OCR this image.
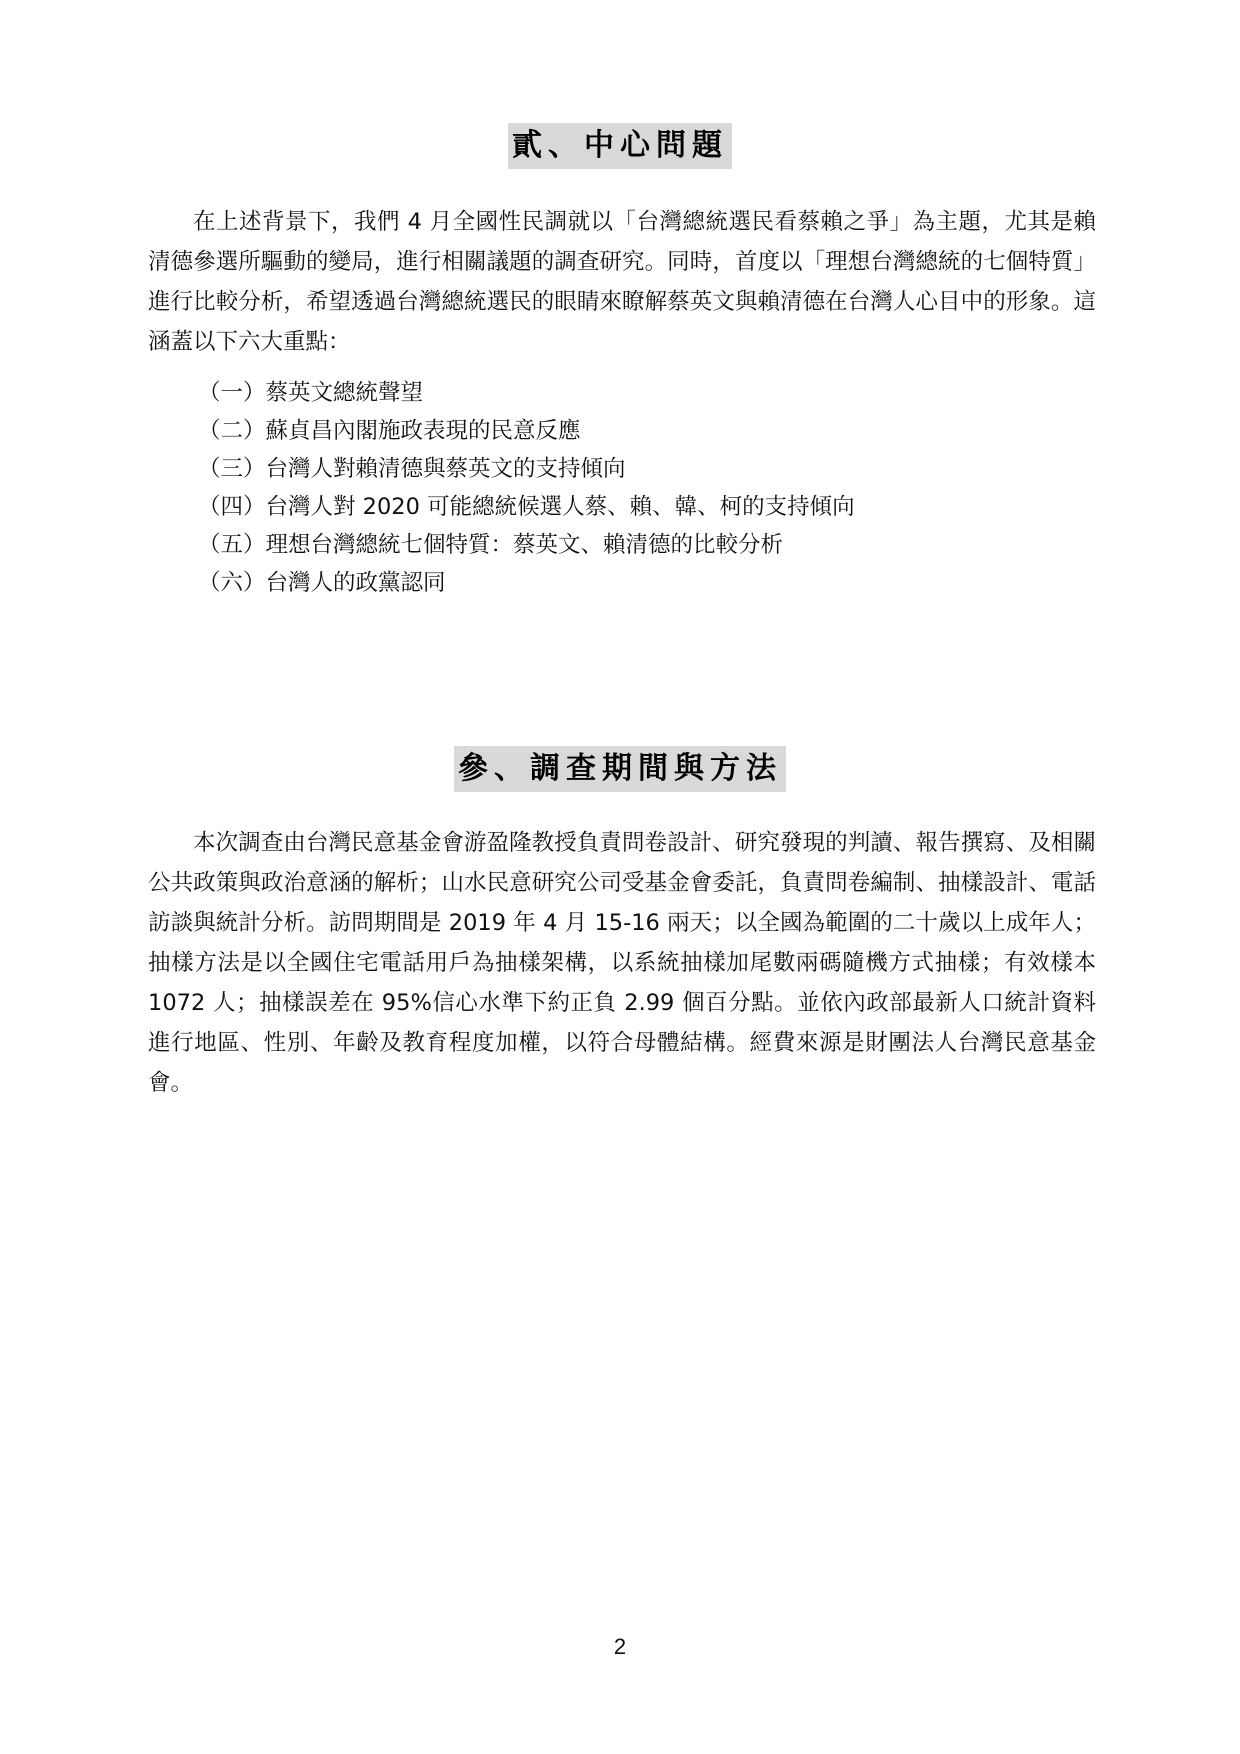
貳、中心問題

在上述背景下，我們 4 月全國性民調就以「台灣總統選民看蔡賴之爭」為主題，尤其是賴清德參選所驅動的變局，進行相關議題的調查研究。同時，首度以「理想台灣總統的七個特質」進行比較分析，希望透過台灣總統選民的眼睛來瞭解蔡英文與賴清德在台灣人心目中的形象。這涵蓋以下六大重點：

（一）蔡英文總統聲望
（二）蘇貞昌內閣施政表現的民意反應
（三）台灣人對賴清德與蔡英文的支持傾向
（四）台灣人對 2020 可能總統候選人蔡、賴、韓、柯的支持傾向
（五）理想台灣總統七個特質：蔡英文、賴清德的比較分析
（六）台灣人的政黨認同
參、調查期間與方法

本次調查由台灣民意基金會游盈隆教授負責問卷設計、研究發現的判讀、報告撰寫、及相關公共政策與政治意涵的解析；山水民意研究公司受基金會委託，負責問卷編制、抽樣設計、電話訪談與統計分析。訪問期間是 2019 年 4 月 15-16 兩天；以全國為範圍的二十歲以上成年人；抽樣方法是以全國住宅電話用戶為抽樣架構，以系統抽樣加尾數兩碼隨機方式抽樣；有效樣本 1072 人；抽樣誤差在 95%信心水準下約正負 2.99 個百分點。並依內政部最新人口統計資料進行地區、性別、年齡及教育程度加權，以符合母體結構。經費來源是財團法人台灣民意基金會。

2
